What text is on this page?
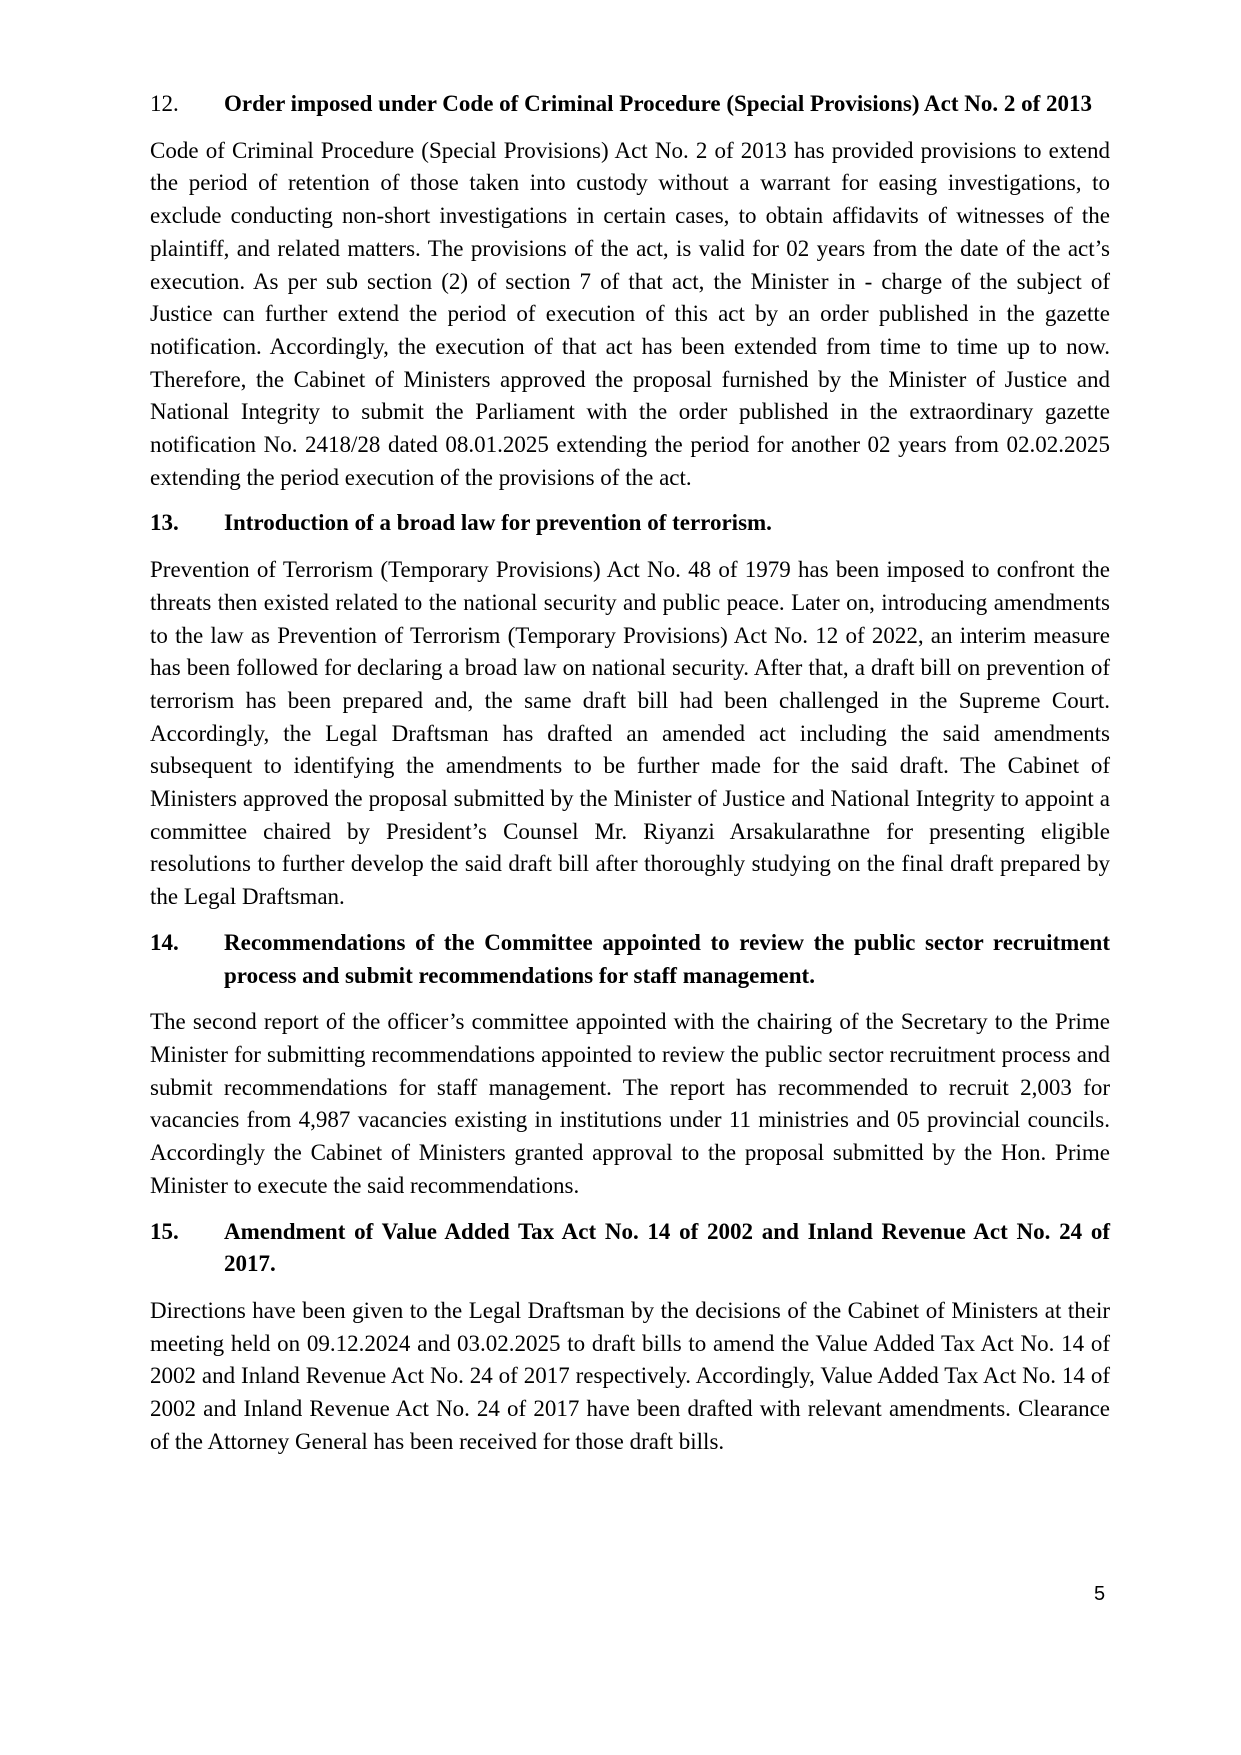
12.	Order imposed under Code of Criminal Procedure (Special Provisions) Act No. 2 of 2013

Code of Criminal Procedure (Special Provisions) Act No. 2 of 2013 has provided provisions to extend the period of retention of those taken into custody without a warrant for easing investigations, to exclude conducting non-short investigations in certain cases, to obtain affidavits of witnesses of the plaintiff, and related matters. The provisions of the act, is valid for 02 years from the date of the act’s execution. As per sub section (2) of section 7 of that act, the Minister in - charge of the subject of Justice can further extend the period of execution of this act by an order published in the gazette notification. Accordingly, the execution of that act has been extended from time to time up to now. Therefore, the Cabinet of Ministers approved the proposal furnished by the Minister of Justice and National Integrity to submit the Parliament with the order published in the extraordinary gazette notification No. 2418/28 dated 08.01.2025 extending the period for another 02 years from 02.02.2025 extending the period execution of the provisions of the act.

13.	Introduction of a broad law for prevention of terrorism.

Prevention of Terrorism (Temporary Provisions) Act No. 48 of 1979 has been imposed to confront the threats then existed related to the national security and public peace. Later on, introducing amendments to the law as Prevention of Terrorism (Temporary Provisions) Act No. 12 of 2022, an interim measure has been followed for declaring a broad law on national security. After that, a draft bill on prevention of terrorism has been prepared and, the same draft bill had been challenged in the Supreme Court. Accordingly, the Legal Draftsman has drafted an amended act including the said amendments subsequent to identifying the amendments to be further made for the said draft. The Cabinet of Ministers approved the proposal submitted by the Minister of Justice and National Integrity to appoint a committee chaired by President’s Counsel Mr. Riyanzi Arsakularathne for presenting eligible resolutions to further develop the said draft bill after thoroughly studying on the final draft prepared by the Legal Draftsman.

14.	Recommendations of the Committee appointed to review the public sector recruitment process and submit recommendations for staff management.

The second report of the officer’s committee appointed with the chairing of the Secretary to the Prime Minister for submitting recommendations appointed to review the public sector recruitment process and submit recommendations for staff management. The report has recommended to recruit 2,003 for vacancies from 4,987 vacancies existing in institutions under 11 ministries and 05 provincial councils. Accordingly the Cabinet of Ministers granted approval to the proposal submitted by the Hon. Prime Minister to execute the said recommendations.

15.	Amendment of Value Added Tax Act No. 14 of 2002 and Inland Revenue Act No. 24 of 2017.

Directions have been given to the Legal Draftsman by the decisions of the Cabinet of Ministers at their meeting held on 09.12.2024 and 03.02.2025 to draft bills to amend the Value Added Tax Act No. 14 of 2002 and Inland Revenue Act No. 24 of 2017 respectively. Accordingly, Value Added Tax Act No. 14 of 2002 and Inland Revenue Act No. 24 of 2017 have been drafted with relevant amendments. Clearance of the Attorney General has been received for those draft bills.

5
